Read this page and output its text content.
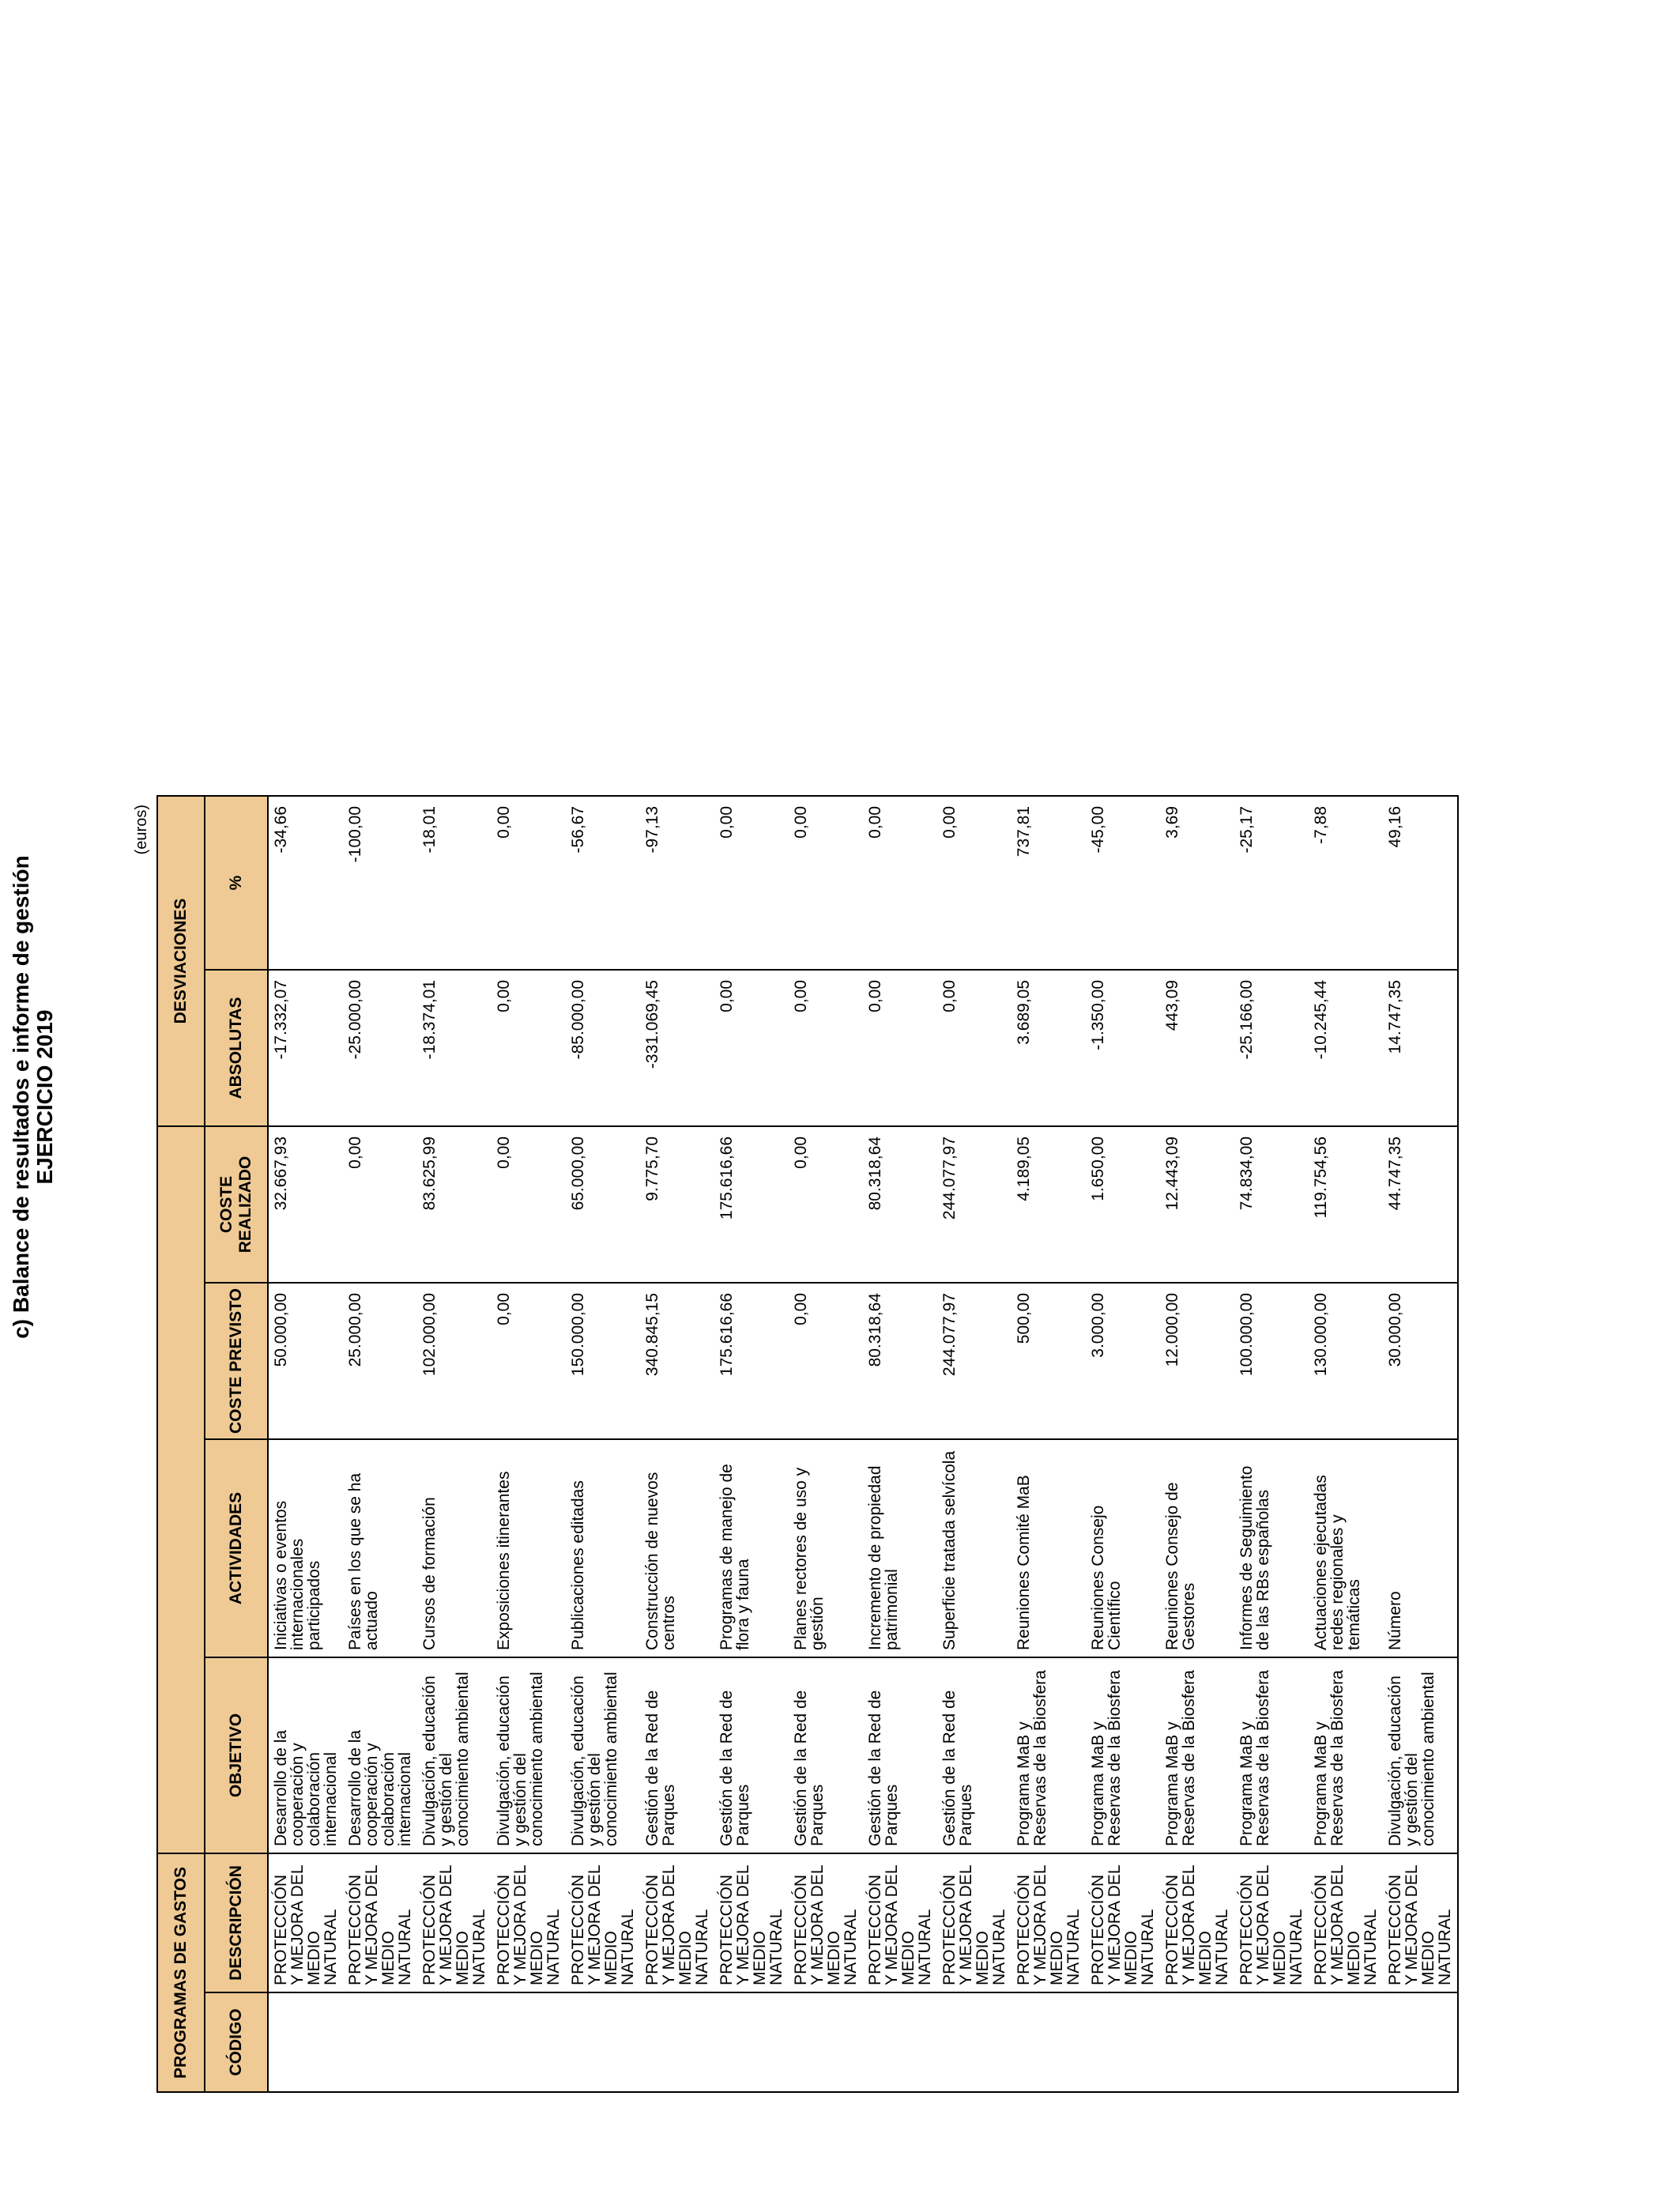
c) Balance de resultados e informe de gestión EJERCICIO 2019
(euros)
PROGRAMAS DE GASTOS						DESVIACIONES	
CÓDIGO	DESCRIPCIÓN	OBJETIVO	ACTIVIDADES	COSTE PREVISTO	COSTE REALIZADO	ABSOLUTAS	%
	PROTECCIÓN Y MEJORA DEL MEDIO NATURAL	Desarrollo de la cooperación y colaboración internacional	Iniciativas o eventos internacionales participados	50.000,00	32.667,93	-17.332,07	-34,66
	PROTECCIÓN Y MEJORA DEL MEDIO NATURAL	Desarrollo de la cooperación y colaboración internacional	Países en los que se ha actuado	25.000,00	0,00	-25.000,00	-100,00
	PROTECCIÓN Y MEJORA DEL MEDIO NATURAL	Divulgación, educación y gestión del conocimiento ambiental	Cursos de formación	102.000,00	83.625,99	-18.374,01	-18,01
	PROTECCIÓN Y MEJORA DEL MEDIO NATURAL	Divulgación, educación y gestión del conocimiento ambiental	Exposiciones itinerantes	0,00	0,00	0,00	0,00
	PROTECCIÓN Y MEJORA DEL MEDIO NATURAL	Divulgación, educación y gestión del conocimiento ambiental	Publicaciones editadas	150.000,00	65.000,00	-85.000,00	-56,67
	PROTECCIÓN Y MEJORA DEL MEDIO NATURAL	Gestión de la Red de Parques	Construcción de nuevos centros	340.845,15	9.775,70	-331.069,45	-97,13
	PROTECCIÓN Y MEJORA DEL MEDIO NATURAL	Gestión de la Red de Parques	Programas de manejo de flora y fauna	175.616,66	175.616,66	0,00	0,00
	PROTECCIÓN Y MEJORA DEL MEDIO NATURAL	Gestión de la Red de Parques	Planes rectores de uso y gestión	0,00	0,00	0,00	0,00
	PROTECCIÓN Y MEJORA DEL MEDIO NATURAL	Gestión de la Red de Parques	Incremento de propiedad patrimonial	80.318,64	80.318,64	0,00	0,00
	PROTECCIÓN Y MEJORA DEL MEDIO NATURAL	Gestión de la Red de Parques	Superficie tratada selvícola	244.077,97	244.077,97	0,00	0,00
	PROTECCIÓN Y MEJORA DEL MEDIO NATURAL	Programa MaB y Reservas de la Biosfera	Reuniones Comité MaB	500,00	4.189,05	3.689,05	737,81
	PROTECCIÓN Y MEJORA DEL MEDIO NATURAL	Programa MaB y Reservas de la Biosfera	Reuniones Consejo Científico	3.000,00	1.650,00	-1.350,00	-45,00
	PROTECCIÓN Y MEJORA DEL MEDIO NATURAL	Programa MaB y Reservas de la Biosfera	Reuniones Consejo de Gestores	12.000,00	12.443,09	443,09	3,69
	PROTECCIÓN Y MEJORA DEL MEDIO NATURAL	Programa MaB y Reservas de la Biosfera	Informes de Seguimiento de las RBs españolas	100.000,00	74.834,00	-25.166,00	-25,17
	PROTECCIÓN Y MEJORA DEL MEDIO NATURAL	Programa MaB y Reservas de la Biosfera	Actuaciones ejecutadas redes regionales y temáticas	130.000,00	119.754,56	-10.245,44	-7,88
	PROTECCIÓN Y MEJORA DEL MEDIO NATURAL	Divulgación, educación y gestión del conocimiento ambiental	Número	30.000,00	44.747,35	14.747,35	49,16
